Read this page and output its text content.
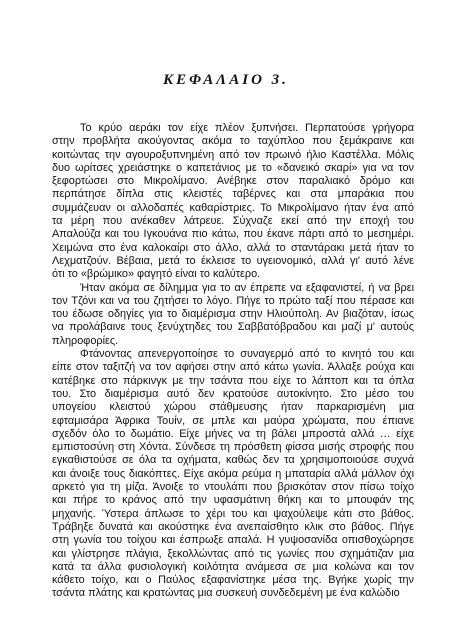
ΚΕΦΑΛΑΙΟ 3.
Το κρύο αεράκι τον είχε πλέον ξυπνήσει. Περπατούσε γρήγορα
στην προβλήτα ακούγοντας ακόμα το ταχύπλοο που ξεμάκραινε και
κοιτώντας την αγουροξυπνημένη από τον πρωινό ήλιο Καστέλλα. Μόλις
δυο ωρίτσες χρειάστηκε ο καπετάνιος με το «δανεικό σκαρί» για να τον
ξεφορτώσει στο Μικρολίμανο. Ανέβηκε στον παραλιακό δρόμο και
περπάτησε δίπλα στις κλειστές ταβέρνες και στα μπαράκια που
συμμάζευαν οι αλλοδαπές καθαρίστριες. Το Μικρολίμανο ήταν ένα από
τα μέρη που ανέκαθεν λάτρευε. Σύχναζε εκεί από την εποχή του
Απαλούζα και του Ιγκουάνα πιο κάτω, που έκανε πάρτι από το μεσημέρι.
Χειμώνα στο ένα καλοκαίρι στο άλλο, αλλά το σταντάρακι μετά ήταν το
Λεχματζούν. Βέβαια, μετά το έκλεισε το υγειονομικό, αλλά γι' αυτό λένε
ότι το «βρώμικο» φαγητό είναι το καλύτερο.
Ήταν ακόμα σε δίλημμα για το αν έπρεπε να εξαφανιστεί, ή να βρει
τον Τζόνι και να του ζητήσει το λόγο. Πήγε το πρώτο ταξί που πέρασε και
του έδωσε οδηγίες για το διαμέρισμα στην Ηλιούπολη. Αν βιαζόταν, ίσως
να προλάβαινε τους ξενύχτηδες του Σαββατόβραδου και μαζί μ' αυτούς
πληροφορίες.
Φτάνοντας απενεργοποίησε το συναγερμό από το κινητό του και
είπε στον ταξιτζή να τον αφήσει στην από κάτω γωνία. Άλλαξε ρούχα και
κατέβηκε στο πάρκινγκ με την τσάντα που είχε το λάπτοπ και τα όπλα
του. Στο διαμέρισμα αυτό δεν κρατούσε αυτοκίνητο. Στο μέσο του
υπογείου κλειστού χώρου στάθμευσης ήταν παρκαρισμένη μια
εφταμισάρα Άφρικα Τουίν, σε μπλε και μαύρα χρώματα, που έπιανε
σχεδόν όλο το δωμάτιο. Είχε μήνες να τη βάλει μπροστά αλλά … είχε
εμπιστοσύνη στη Χόντα. Σύνδεσε τη πρόσθετη φίσσα μισής στροφής που
εγκαθιστούσε σε όλα τα οχήματα, καθώς δεν τα χρησιμοποιούσε συχνά
και άνοιξε τους διακόπτες. Είχε ακόμα ρεύμα η μπαταρία αλλά μάλλον όχι
αρκετό για τη μίζα. Άνοιξε το ντουλάπι που βρισκόταν στον πίσω τοίχο
και πήρε το κράνος από την υφασμάτινη θήκη και το μπουφάν της
μηχανής. Ύστερα άπλωσε το χέρι του και ψαχούλεψε κάτι στο βάθος.
Τράβηξε δυνατά και ακούστηκε ένα ανεπαίσθητο κλικ στο βάθος. Πήγε
στη γωνία του τοίχου και έσπρωξε απαλά. Η γυψοσανίδα οπισθοχώρησε
και γλίστρησε πλάγια, ξεκολλώντας από τις γωνίες που σχημάτιζαν μια
κατά τα άλλα φυσιολογική κοιλότητα ανάμεσα σε μια κολώνα και τον
κάθετο τοίχο, και ο Παύλος εξαφανίστηκε μέσα της. Βγήκε χωρίς την
τσάντα πλάτης και κρατώντας μια συσκευή συνδεδεμένη με ένα καλώδιο
